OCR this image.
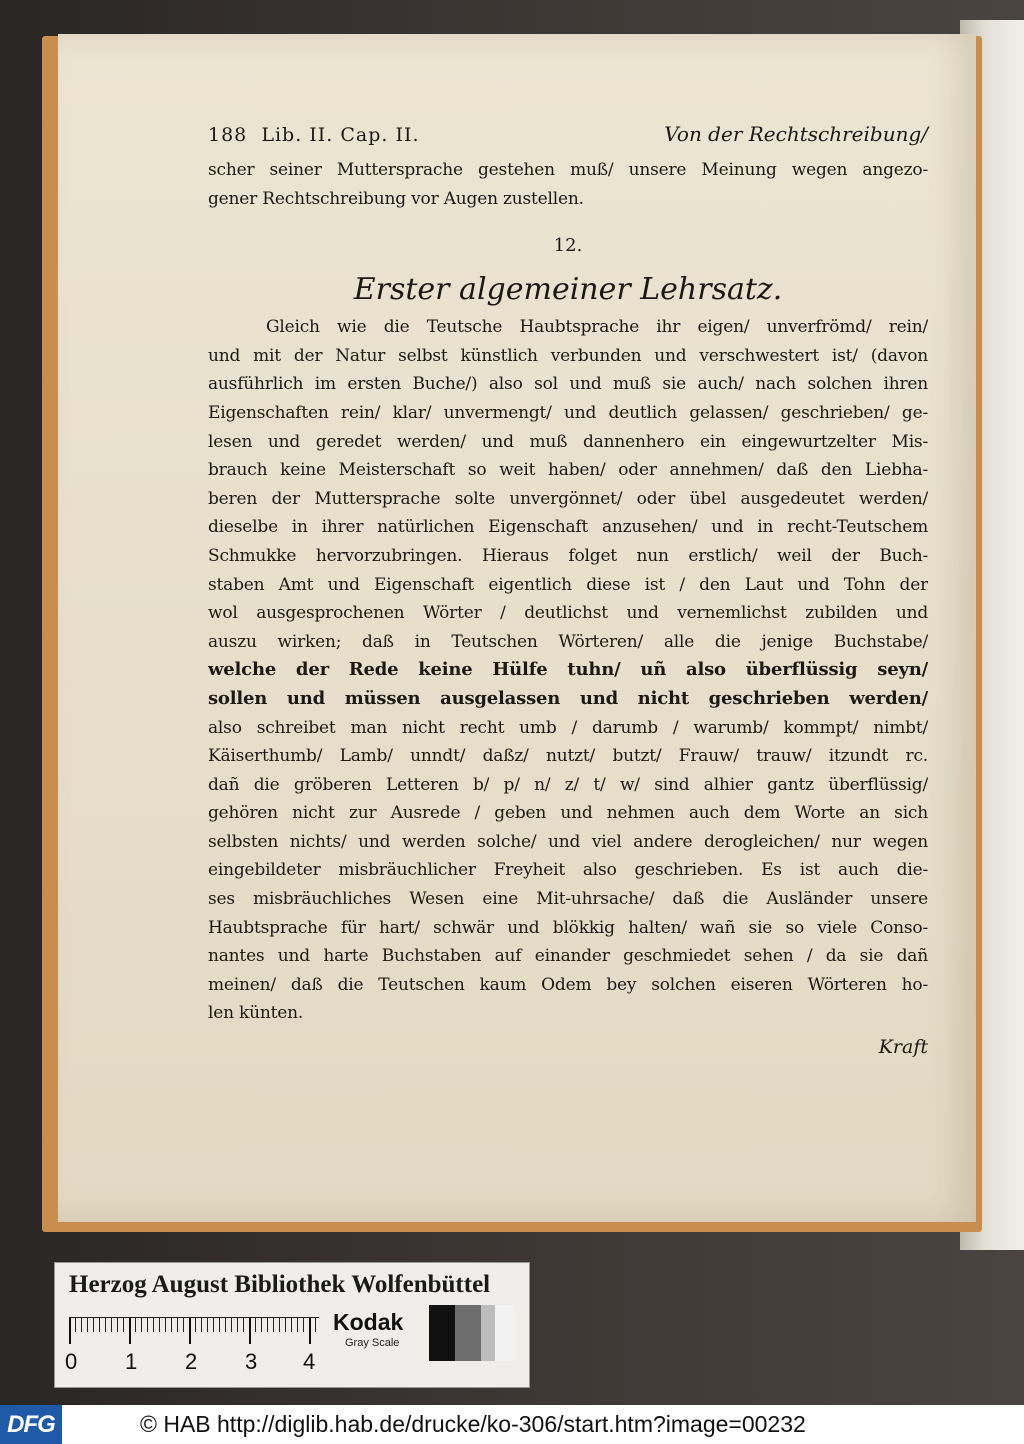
188 Lib. II. Cap. II.	Von der Rechtschreibung/

scher seiner Muttersprache gestehen muß/ unsere Meinung wegen angezo-
gener Rechtschreibung vor Augen zustellen.

12.
Erster algemeiner Lehrsatz.

Gleich wie die Teutsche Haubtsprache ihr eigen/ unverfrömd/ rein/
und mit der Natur selbst künstlich verbunden und verschwestert ist/ (davon
ausführlich im ersten Buche/) also sol und muß sie auch/ nach solchen ihren
Eigenschaften rein/ klar/ unvermengt/ und deutlich gelassen/ geschrieben/ ge-
lesen und geredet werden/ und muß dannenhero ein eingewurtzelter Mis-
brauch keine Meisterschaft so weit haben/ oder annehmen/ daß den Liebha-
beren der Muttersprache solte unvergönnet/ oder übel ausgedeutet werden/
dieselbe in ihrer natürlichen Eigenschaft anzusehen/ und in recht-Teutschem
Schmukke hervorzubringen. Hieraus folget nun erstlich/ weil der Buch-
staben Amt und Eigenschaft eigentlich diese ist / den Laut und Tohn der
wol ausgesprochenen Wörter / deutlichst und vernemlichst zubilden und
auszu wirken; daß in Teutschen Wörteren/ alle die jenige Buchstabe/
welche der Rede keine Hülfe tuhn/ uñ also überflüssig seyn/
sollen und müssen ausgelassen und nicht geschrieben werden/
also schreibet man nicht recht umb / darumb / warumb/ kommpt/ nimbt/
Käiserthumb/ Lamb/ unndt/ daßz/ nutzt/ butzt/ Frauw/ trauw/ itzundt rc.
dañ die gröberen Letteren b/ p/ n/ z/ t/ w/ sind alhier gantz überflüssig/
gehören nicht zur Ausrede / geben und nehmen auch dem Worte an sich
selbsten nichts/ und werden solche/ und viel andere derogleichen/ nur wegen
eingebildeter misbräuchlicher Freyheit also geschrieben. Es ist auch die-
ses misbräuchliches Wesen eine Mit-uhrsache/ daß die Ausländer unsere
Haubtsprache für hart/ schwär und blökkig halten/ wañ sie so viele Conso-
nantes und harte Buchstaben auf einander geschmiedet sehen / da sie dañ
meinen/ daß die Teutschen kaum Odem bey solchen eiseren Wörteren ho-
len künten.

Kraft
Herzog August Bibliothek Wolfenbüttel
0 1 2 3 4
Kodak
Gray Scale
DFG	© HAB http://diglib.hab.de/drucke/ko-306/start.htm?image=00232
